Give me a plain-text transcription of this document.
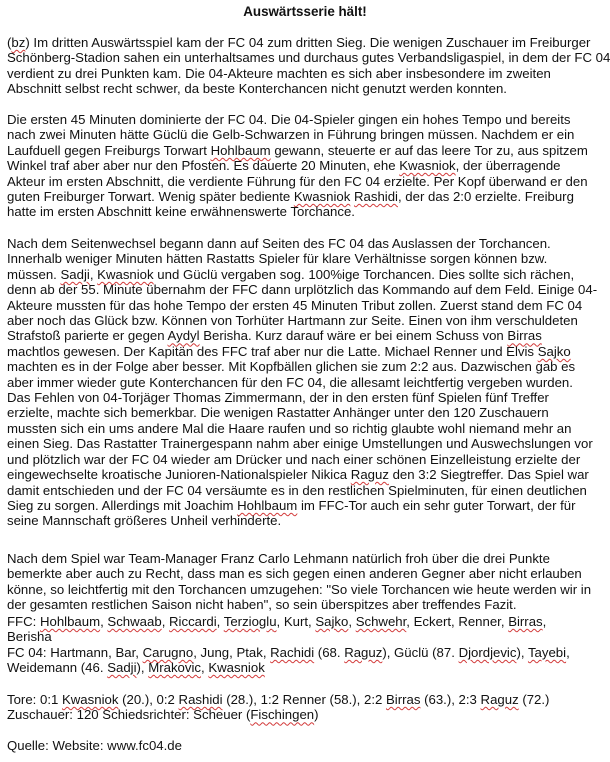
Auswärtsserie hält!
(bz) Im dritten Auswärtsspiel kam der FC 04 zum dritten Sieg. Die wenigen Zuschauer im Freiburger
Schönberg-Stadion sahen ein unterhaltsames und durchaus gutes Verbandsligaspiel, in dem der FC 04
verdient zu drei Punkten kam. Die 04-Akteure machten es sich aber insbesondere im zweiten
Abschnitt selbst recht schwer, da beste Konterchancen nicht genutzt werden konnten.
Die ersten 45 Minuten dominierte der FC 04. Die 04-Spieler gingen ein hohes Tempo und bereits
nach zwei Minuten hätte Güclü die Gelb-Schwarzen in Führung bringen müssen. Nachdem er ein
Laufduell gegen Freiburgs Torwart Hohlbaum gewann, steuerte er auf das leere Tor zu, aus spitzem
Winkel traf aber aber nur den Pfosten. Es dauerte 20 Minuten, ehe Kwasniok, der überragende
Akteur im ersten Abschnitt, die verdiente Führung für den FC 04 erzielte. Per Kopf überwand er den
guten Freiburger Torwart. Wenig später bediente Kwasniok Rashidi, der das 2:0 erzielte. Freiburg
hatte im ersten Abschnitt keine erwähnenswerte Torchance.
Nach dem Seitenwechsel begann dann auf Seiten des FC 04 das Auslassen der Torchancen.
Innerhalb weniger Minuten hätten Rastatts Spieler für klare Verhältnisse sorgen können bzw.
müssen. Sadji, Kwasniok und Güclü vergaben sog. 100%ige Torchancen. Dies sollte sich rächen,
denn ab der 55. Minute übernahm der FFC dann urplötzlich das Kommando auf dem Feld. Einige 04-
Akteure mussten für das hohe Tempo der ersten 45 Minuten Tribut zollen. Zuerst stand dem FC 04
aber noch das Glück bzw. Können von Torhüter Hartmann zur Seite. Einen von ihm verschuldeten
Strafstoß parierte er gegen Aydyl Berisha. Kurz darauf wäre er bei einem Schuss von Birras
machtlos gewesen. Der Kapitän des FFC traf aber nur die Latte. Michael Renner und Elvis Sajko
machten es in der Folge aber besser. Mit Kopfbällen glichen sie zum 2:2 aus. Dazwischen gab es
aber immer wieder gute Konterchancen für den FC 04, die allesamt leichtfertig vergeben wurden.
Das Fehlen von 04-Torjäger Thomas Zimmermann, der in den ersten fünf Spielen fünf Treffer
erzielte, machte sich bemerkbar. Die wenigen Rastatter Anhänger unter den 120 Zuschauern
mussten sich ein ums andere Mal die Haare raufen und so richtig glaubte wohl niemand mehr an
einen Sieg. Das Rastatter Trainergespann nahm aber einige Umstellungen und Auswechslungen vor
und plötzlich war der FC 04 wieder am Drücker und nach einer schönen Einzelleistung erzielte der
eingewechselte kroatische Junioren-Nationalspieler Nikica Raguz den 3:2 Siegtreffer. Das Spiel war
damit entschieden und der FC 04 versäumte es in den restlichen Spielminuten, für einen deutlichen
Sieg zu sorgen. Allerdings mit Joachim Hohlbaum im FFC-Tor auch ein sehr guter Torwart, der für
seine Mannschaft größeres Unheil verhinderte.
Nach dem Spiel war Team-Manager Franz Carlo Lehmann natürlich froh über die drei Punkte
bemerkte aber auch zu Recht, dass man es sich gegen einen anderen Gegner aber nicht erlauben
könne, so leichtfertig mit den Torchancen umzugehen: "So viele Torchancen wie heute werden wir in
der gesamten restlichen Saison nicht haben", so sein überspitzes aber treffendes Fazit.
FFC: Hohlbaum, Schwaab, Riccardi, Terzioglu, Kurt, Sajko, Schwehr, Eckert, Renner, Birras,
Berisha
FC 04: Hartmann, Bar, Carugno, Jung, Ptak, Rachidi (68. Raguz), Güclü (87. Djordjevic), Tayebi,
Weidemann (46. Sadji), Mrakovic, Kwasniok
Tore: 0:1 Kwasniok (20.), 0:2 Rashidi (28.), 1:2 Renner (58.), 2:2 Birras (63.), 2:3 Raguz (72.)
Zuschauer: 120 Schiedsrichter: Scheuer (Fischingen)
Quelle: Website: www.fc04.de
